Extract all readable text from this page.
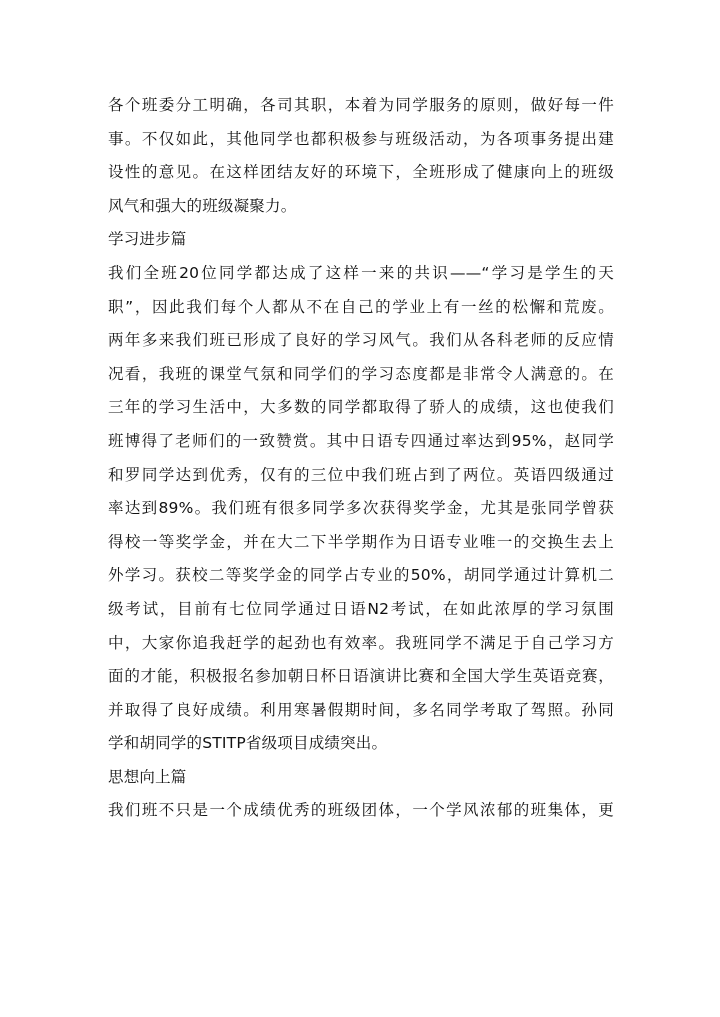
各个班委分工明确，各司其职，本着为同学服务的原则，做好每一件
事。不仅如此，其他同学也都积极参与班级活动，为各项事务提出建
设性的意见。在这样团结友好的环境下，全班形成了健康向上的班级
风气和强大的班级凝聚力。
学习进步篇
我们全班20位同学都达成了这样一来的共识——“学习是学生的天
职”，因此我们每个人都从不在自己的学业上有一丝的松懈和荒废。
两年多来我们班已形成了良好的学习风气。我们从各科老师的反应情
况看，我班的课堂气氛和同学们的学习态度都是非常令人满意的。在
三年的学习生活中，大多数的同学都取得了骄人的成绩，这也使我们
班博得了老师们的一致赞赏。其中日语专四通过率达到95%，赵同学
和罗同学达到优秀，仅有的三位中我们班占到了两位。英语四级通过
率达到89%。我们班有很多同学多次获得奖学金，尤其是张同学曾获
得校一等奖学金，并在大二下半学期作为日语专业唯一的交换生去上
外学习。获校二等奖学金的同学占专业的50%，胡同学通过计算机二
级考试，目前有七位同学通过日语N2考试，在如此浓厚的学习氛围
中，大家你追我赶学的起劲也有效率。我班同学不满足于自己学习方
面的才能，积极报名参加朝日杯日语演讲比赛和全国大学生英语竞赛，
并取得了良好成绩。利用寒暑假期时间，多名同学考取了驾照。孙同
学和胡同学的STITP省级项目成绩突出。
思想向上篇
我们班不只是一个成绩优秀的班级团体，一个学风浓郁的班集体，更
